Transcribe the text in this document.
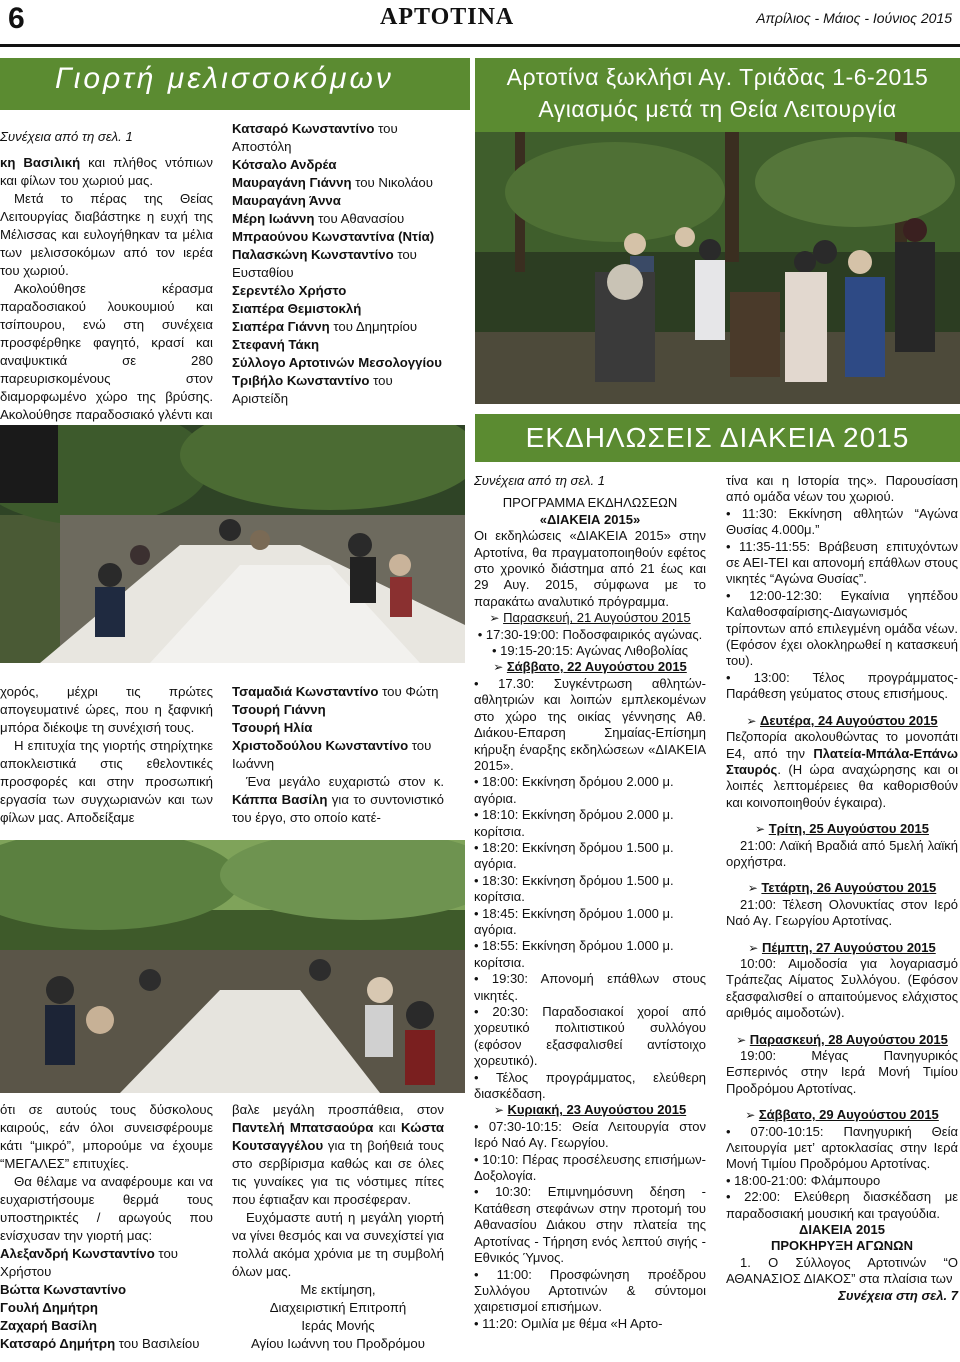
6	ΑΡΤΟΤΙΝΑ	Απρίλιος - Μάιος - Ιούνιος 2015
Γιορτή μελισσοκόμων	Αρτοτίνα ξωκλήσι Αγ. Τριάδας 1-6-2015
Αγιασμός μετά τη Θεία Λειτουργία

Συνέχεια από τη σελ. 1

κη Βασιλική και πλήθος ντόπιων και φίλων του χωριού μας.

Μετά το πέρας της Θείας Λειτουργίας διαβάστηκε η ευχή της Μέλισσας και ευλογήθηκαν τα μέλια των μελισσοκόμων από τον ιερέα του χωριού.

Ακολούθησε κέρασμα παραδοσιακού λουκουμιού και τσίπουρου, ενώ στη συνέχεια προσφέρθηκε φαγητό, κρασί και αναψυκτικά σε 280 παρευρισκομένους στον διαμορφωμένο χώρο της βρύσης. Ακολούθησε παραδοσιακό γλέντι και

Κατσαρό Κωνσταντίνο του Αποστόλη

Κότσαλο Ανδρέα

Μαυραγάνη Γιάννη του Νικολάου

Μαυραγάνη Άννα

Μέρη Ιωάννη του Αθανασίου

Μπραούνου Κωνσταντίνα (Ντία)

Παλασκώνη Κωνσταντίνο του Ευσταθίου

Σερεντέλο Χρήστο

Σιαπέρα Θεμιστοκλή

Σιαπέρα Γιάννη του Δημητρίου

Στεφανή Τάκη

Σύλλογο Αρτοτινών Μεσολογγίου

Τριβήλο Κωνσταντίνο του Αριστείδη

χορός, μέχρι τις πρώτες απογευματινέ ώρες, που η ξαφνική μπόρα διέκοψε τη συνέχισή τους.

Η επιτυχία της γιορτής στηρίχτηκε αποκλειστικά στις εθελοντικές προσφορές και στην προσωπική εργασία των συγχωριανών και των φίλων μας. Αποδείξαμε

Τσαμαδιά Κωνσταντίνο του Φώτη

Τσουρή Γιάννη

Τσουρή Ηλία

Χριστοδούλου Κωνσταντίνο του Ιωάννη

Ένα μεγάλο ευχαριστώ στον κ. Κάππα Βασίλη για το συντονιστικό του έργο, στο οποίο κατέ-

ότι σε αυτούς τους δύσκολους καιρούς, εάν όλοι συνεισφέρουμε κάτι “μικρό”, μπορούμε να έχουμε “ΜΕΓΑΛΕΣ” επιτυχίες.

Θα θέλαμε να αναφέρουμε και να ευχαριστήσουμε θερμά τους υποστηρικτές / αρωγούς που ενίσχυσαν την γιορτή μας:

Αλεξανδρή Κωνσταντίνο του Χρήστου

Βώττα Κωνσταντίνο

Γουλή Δημήτρη

Ζαχαρή Βασίλη

Κατσαρό Δημήτρη του Βασιλείου

βαλε μεγάλη προσπάθεια, στον Παντελή Μπατσαούρα και Κώστα Κουτσαγγέλου για τη βοήθειά τους στο σερβίρισμα καθώς και σε όλες τις γυναίκες για τις νόστιμες πίτες που έφτιαξαν και προσέφεραν.

Ευχόμαστε αυτή η μεγάλη γιορτή να γίνει θεσμός και να συνεχίστεί για πολλά ακόμα χρόνια με τη συμβολή όλων μας.

Με εκτίμηση,

Διαχειριστική Επιτροπή

Ιεράς Μονής

Αγίου Ιωάννη του Προδρόμου

ΕΚΔΗΛΩΣΕΙΣ ΔΙΑΚΕΙΑ 2015

Συνέχεια από τη σελ. 1

ΠΡΟΓΡΑΜΜΑ ΕΚΔΗΛΩΣΕΩΝ

«ΔΙΑΚΕΙΑ 2015»

Οι εκδηλώσεις «ΔΙΑΚΕΙΑ 2015» στην Αρτοτίνα, θα πραγματοποιηθούν εφέτος στο χρονικό διάστημα από 21 έως και 29 Αυγ. 2015, σύμφωνα με το παρακάτω αναλυτικό πρόγραμμα.

➢ Παρασκευή, 21 Αυγούστου 2015

• 17:30-19:00: Ποδοσφαιρικός αγώνας.

• 19:15-20:15: Αγώνας Λιθοβολίας

➢ Σάββατο, 22 Αυγούστου 2015

• 17.30: Συγκέντρωση αθλητών-αθλητριών και λοιπών εμπλεκομένων στο χώρο της οικίας γέννησης Αθ. Διάκου-Επαρση Σημαίας-Επίσημη κήρυξη έναρξης εκδηλώσεων «ΔΙΑΚΕΙΑ 2015».

• 18:00: Εκκίνηση δρόμου 2.000 μ. αγόρια.

• 18:10: Εκκίνηση δρόμου 2.000 μ. κορίτσια.

• 18:20: Εκκίνηση δρόμου 1.500 μ. αγόρια.

• 18:30: Εκκίνηση δρόμου 1.500 μ. κορίτσια.

• 18:45: Εκκίνηση δρόμου 1.000 μ. αγόρια.

• 18:55: Εκκίνηση δρόμου 1.000 μ. κορίτσια.

• 19:30: Απονομή επάθλων στους νικητές.

• 20:30: Παραδοσιακοί χοροί από χορευτικό πολιτιστικού συλλόγου (εφόσον εξασφαλισθεί αντίστοιχο χορευτικό).

• Τέλος προγράμματος, ελεύθερη διασκέδαση.

➢ Κυριακή, 23 Αυγούστου 2015

• 07:30-10:15: Θεία Λειτουργία στον Ιερό Ναό Αγ. Γεωργίου.

• 10:10: Πέρας προσέλευσης επισήμων-Δοξολογία.

• 10:30: Επιμνημόσυνη δέηση - Κατάθεση στεφάνων στην προτομή του Αθανασίου Διάκου στην πλατεία της Αρτοτίνας - Τήρηση ενός λεπτού σιγής - Εθνικός Ύμνος.

• 11:00: Προσφώνηση προέδρου Συλλόγου Αρτοτινών & σύντομοι χαιρετισμοί επισήμων.

• 11:20: Ομιλία με θέμα «Η Αρτο-

τίνα και η Ιστορία της». Παρουσίαση από ομάδα νέων του χωριού.

• 11:30: Εκκίνηση αθλητών “Αγώνα Θυσίας 4.000μ.”

• 11:35-11:55: Βράβευση επιτυχόντων σε ΑΕΙ-ΤΕΙ και απονομή επάθλων στους νικητές “Αγώνα Θυσίας”.

• 12:00-12:30: Εγκαίνια γηπέδου Καλαθοσφαίρισης-Διαγωνισμός τρίποντων από επιλεγμένη ομάδα νέων. (Εφόσον έχει ολοκληρωθεί η κατασκευή του).

• 13:00: Τέλος προγράμματος-Παράθεση γεύματος στους επισήμους.

➢ Δευτέρα, 24 Αυγούστου 2015

Πεζοπορία ακολουθώντας το μονοπάτι Ε4, από την Πλατεία-Μπάλα-Επάνω Σταυρός. (Η ώρα αναχώρησης και οι λοιπές λεπτομέρειες θα καθορισθούν και κοινοποιηθούν έγκαιρα).

➢ Τρίτη, 25 Αυγούστου 2015

21:00: Λαϊκή Βραδιά από 5μελή λαϊκή ορχήστρα.

➢ Τετάρτη, 26 Αυγούστου 2015

21:00: Τέλεση Ολονυκτίας στον Ιερό Ναό Αγ. Γεωργίου Αρτοτίνας.

➢ Πέμπτη, 27 Αυγούστου 2015

10:00: Αιμοδοσία για λογαριασμό Τράπεζας Αίματος Συλλόγου. (Εφόσον εξασφαλισθεί ο απαιτούμενος ελάχιστος αριθμός αιμοδοτών).

➢ Παρασκευή, 28 Αυγούστου 2015

19:00: Μέγας Πανηγυρικός Εσπερινός στην Ιερά Μονή Τιμίου Προδρόμου Αρτοτίνας.

➢ Σάββατο, 29 Αυγούστου 2015

• 07:00-10:15: Πανηγυρική Θεία Λειτουργία μετ’ αρτοκλασίας στην Ιερά Μονή Τιμίου Προδρόμου Αρτοτίνας.

• 18:00-21:00: Φλάμπουρο

• 22:00: Ελεύθερη διασκέδαση με παραδοσιακή μουσική και τραγούδια.

ΔΙΑΚΕΙΑ 2015

ΠΡΟΚΗΡΥΞΗ ΑΓΩΝΩΝ

1. Ο Σύλλογος Αρτοτινών “Ο ΑΘΑΝΑΣΙΟΣ ΔΙΑΚΟΣ” στα πλαίσια των

Συνέχεια στη σελ. 7
